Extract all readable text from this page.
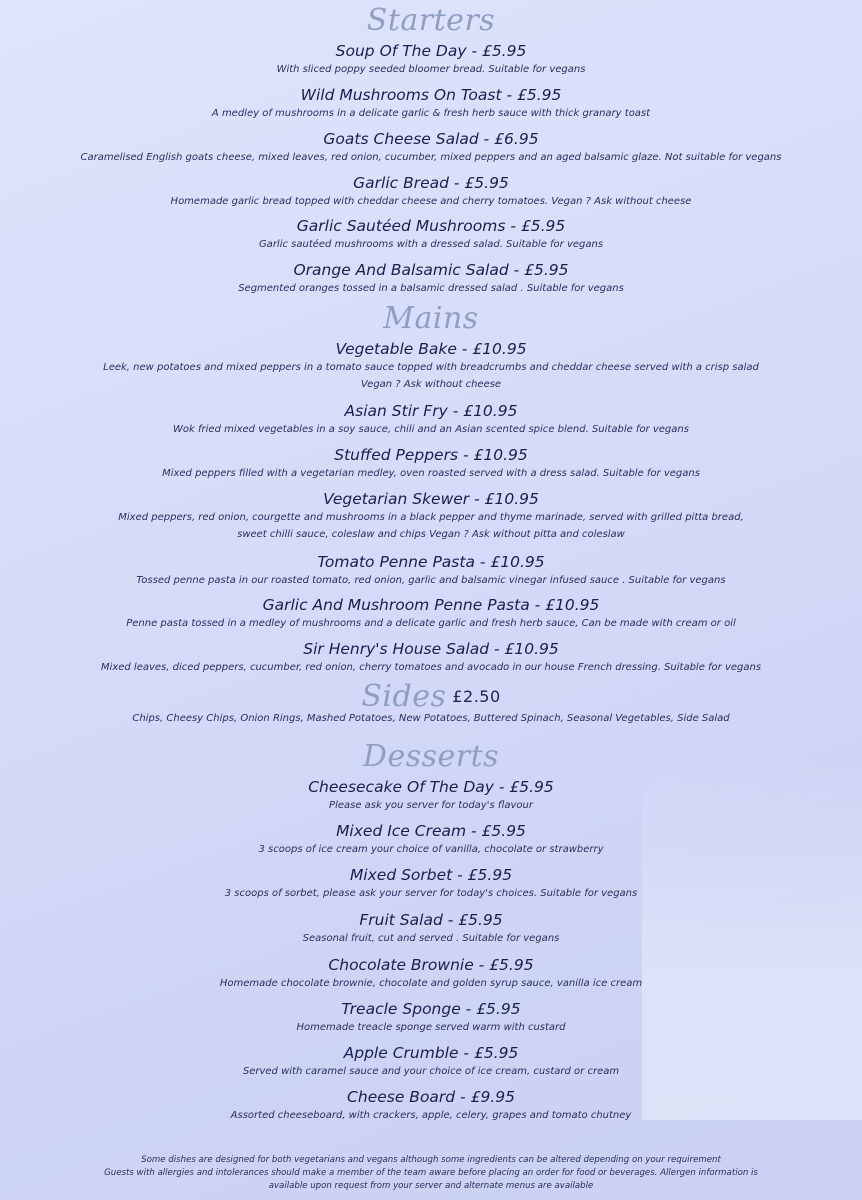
Starters
Soup Of The Day - £5.95
With sliced poppy seeded bloomer bread. Suitable for vegans
Wild Mushrooms On Toast - £5.95
A medley of mushrooms in a delicate garlic & fresh herb sauce with thick granary toast
Goats Cheese Salad - £6.95
Caramelised English goats cheese, mixed leaves, red onion, cucumber, mixed peppers and an aged balsamic glaze. Not suitable for vegans
Garlic Bread - £5.95
Homemade garlic bread topped with cheddar cheese and cherry tomatoes. Vegan ? Ask without cheese
Garlic Sautéed Mushrooms - £5.95
Garlic sautéed mushrooms with a dressed salad. Suitable for vegans
Orange And Balsamic Salad - £5.95
Segmented oranges tossed in a balsamic dressed salad . Suitable for vegans
Mains
Vegetable Bake - £10.95
Leek, new potatoes and mixed peppers in a tomato sauce topped with breadcrumbs and cheddar cheese served with a crisp salad
Vegan ? Ask without cheese
Asian Stir Fry - £10.95
Wok fried mixed vegetables in a soy sauce, chili and an Asian scented spice blend. Suitable for vegans
Stuffed Peppers - £10.95
Mixed peppers filled with a vegetarian medley, oven roasted served with a dress salad. Suitable for vegans
Vegetarian Skewer - £10.95
Mixed peppers, red onion, courgette and mushrooms in a black pepper and thyme marinade, served with grilled pitta bread,
sweet chilli sauce, coleslaw and chips Vegan ? Ask without pitta and coleslaw
Tomato Penne Pasta - £10.95
Tossed penne pasta in our roasted tomato, red onion, garlic and balsamic vinegar infused sauce . Suitable for vegans
Garlic And Mushroom Penne Pasta - £10.95
Penne pasta tossed in a medley of mushrooms and a delicate garlic and fresh herb sauce, Can be made with cream or oil
Sir Henry's House Salad - £10.95
Mixed leaves, diced peppers, cucumber, red onion, cherry tomatoes and avocado in our house French dressing. Suitable for vegans
Sides £2.50
Chips, Cheesy Chips, Onion Rings, Mashed Potatoes, New Potatoes, Buttered Spinach, Seasonal Vegetables, Side Salad
Desserts
Cheesecake Of The Day - £5.95
Please ask you server for today's flavour
Mixed Ice Cream - £5.95
3 scoops of ice cream your choice of vanilla, chocolate or strawberry
Mixed Sorbet - £5.95
3 scoops of sorbet, please ask your server for today's choices. Suitable for vegans
Fruit Salad - £5.95
Seasonal fruit, cut and served . Suitable for vegans
Chocolate Brownie - £5.95
Homemade chocolate brownie, chocolate and golden syrup sauce, vanilla ice cream
Treacle Sponge - £5.95
Homemade treacle sponge served warm with custard
Apple Crumble - £5.95
Served with caramel sauce and your choice of ice cream, custard or cream
Cheese Board - £9.95
Assorted cheeseboard, with crackers, apple, celery, grapes and tomato chutney
Some dishes are designed for both vegetarians and vegans although some ingredients can be altered depending on your requirement
Guests with allergies and intolerances should make a member of the team aware before placing an order for food or beverages. Allergen information is
available upon request from your server and alternate menus are available
